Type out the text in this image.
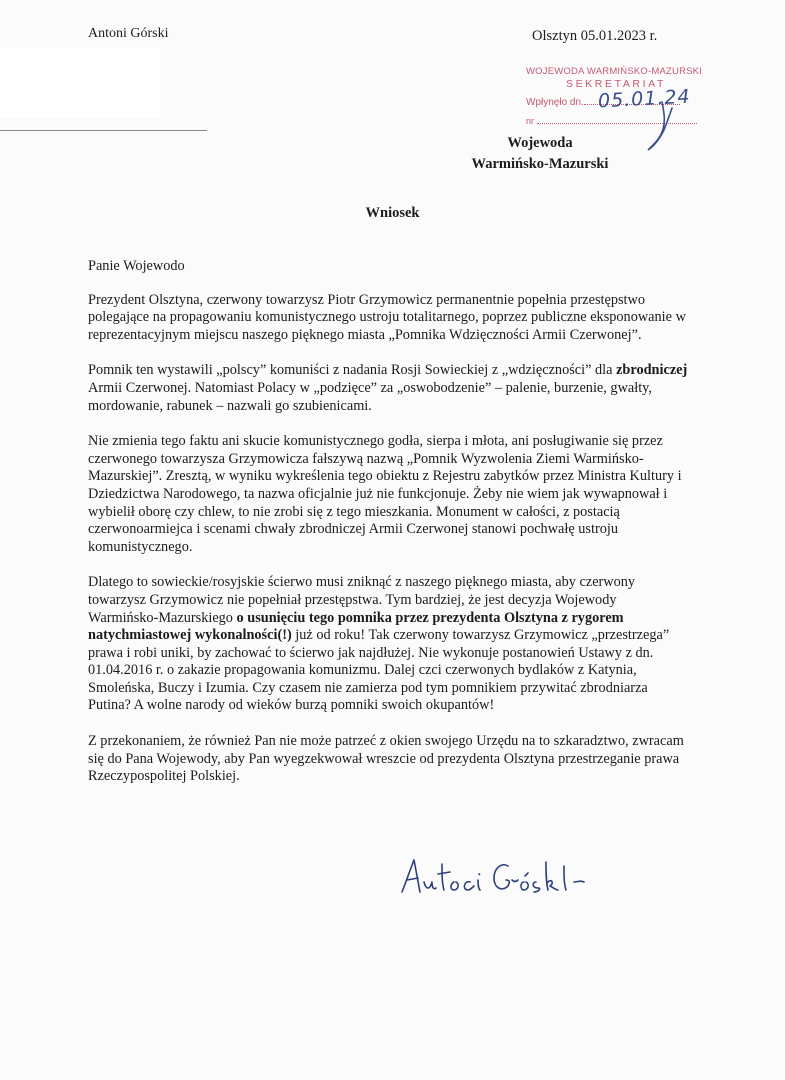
Antoni Górski	Olsztyn 05.01.2023 r.
WOJEWODA WARMIŃSKO-MAZURSKI
SEKRETARIAT
Wpłynęło dn.
nr
05.01.24
Wojewoda
Warmińsko-Mazurski
Wniosek

Panie Wojewodo

Prezydent Olsztyna, czerwony towarzysz Piotr Grzymowicz permanentnie popełnia przestępstwo polegające na propagowaniu komunistycznego ustroju totalitarnego, poprzez publiczne eksponowanie w reprezentacyjnym miejscu naszego pięknego miasta „Pomnika Wdzięczności Armii Czerwonej”.

Pomnik ten wystawili „polscy” komuniści z nadania Rosji Sowieckiej z „wdzięczności” dla zbrodniczej Armii Czerwonej. Natomiast Polacy w „podzięce” za „oswobodzenie” – palenie, burzenie, gwałty, mordowanie, rabunek – nazwali go szubienicami.

Nie zmienia tego faktu ani skucie komunistycznego godła, sierpa i młota, ani posługiwanie się przez czerwonego towarzysza Grzymowicza fałszywą nazwą „Pomnik Wyzwolenia Ziemi Warmińsko-Mazurskiej”. Zresztą, w wyniku wykreślenia tego obiektu z Rejestru zabytków przez Ministra Kultury i Dziedzictwa Narodowego, ta nazwa oficjalnie już nie funkcjonuje. Żeby nie wiem jak wywapnował i wybielił oborę czy chlew, to nie zrobi się z tego mieszkania. Monument w całości, z postacią czerwonoarmiejca i scenami chwały zbrodniczej Armii Czerwonej stanowi pochwałę ustroju komunistycznego.

Dlatego to sowieckie/rosyjskie ścierwo musi zniknąć z naszego pięknego miasta, aby czerwony towarzysz Grzymowicz nie popełniał przestępstwa. Tym bardziej, że jest decyzja Wojewody Warmińsko-Mazurskiego o usunięciu tego pomnika przez prezydenta Olsztyna z rygorem natychmiastowej wykonalności(!) już od roku! Tak czerwony towarzysz Grzymowicz „przestrzega” prawa i robi uniki, by zachować to ścierwo jak najdłużej. Nie wykonuje postanowień Ustawy z dn. 01.04.2016 r. o zakazie propagowania komunizmu. Dalej czci czerwonych bydlaków z Katynia, Smoleńska, Buczy i Izumia. Czy czasem nie zamierza pod tym pomnikiem przywitać zbrodniarza Putina? A wolne narody od wieków burzą pomniki swoich okupantów!

Z przekonaniem, że również Pan nie może patrzeć z okien swojego Urzędu na to szkaradztwo, zwracam się do Pana Wojewody, aby Pan wyegzekwował wreszcie od prezydenta Olsztyna przestrzeganie prawa Rzeczypospolitej Polskiej.
